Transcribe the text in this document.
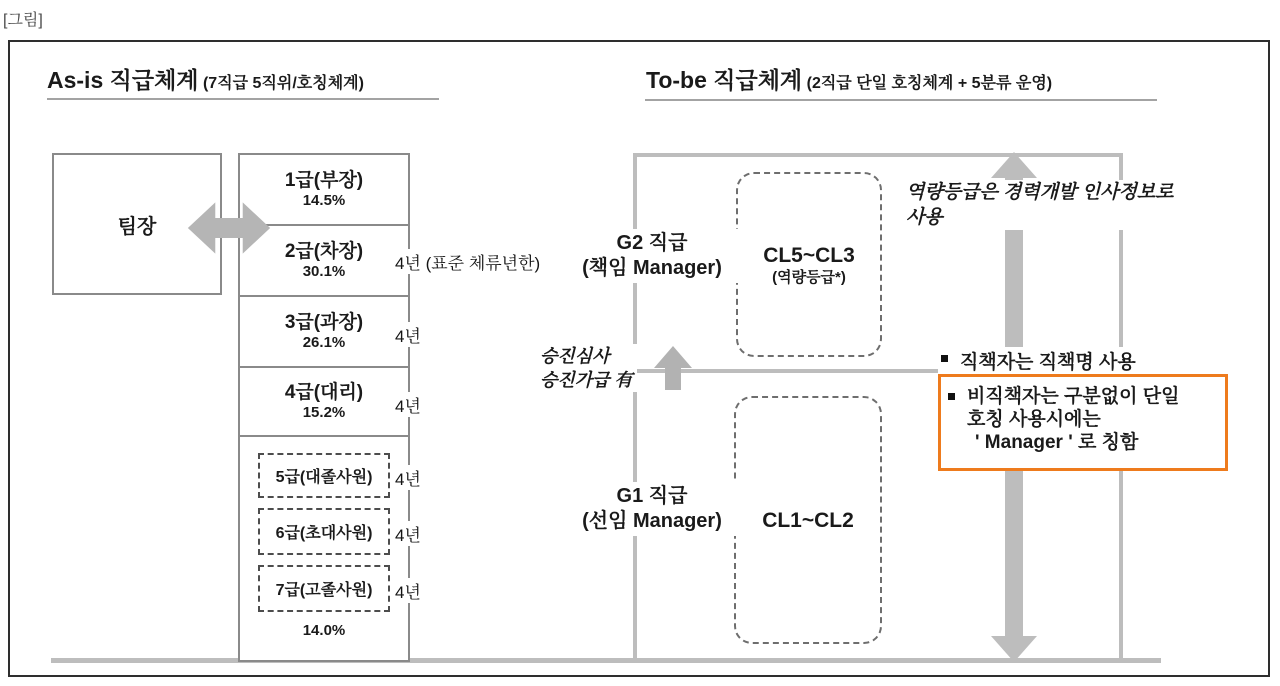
[그림]
As-is 직급체계 (7직급 5직위/호칭체계)	To-be 직급체계 (2직급 단일 호칭체계 + 5분류 운영)
팀장
1급(부장)
14.5%
2급(차장)
30.1%
3급(과장)
26.1%
4급(대리)
15.2%
5급(대졸사원)
6급(초대사원)
7급(고졸사원)
14.0%
4년 (표준 체류년한)
4년
4년
4년
4년
4년
CL5~CL3
(역량등급*)
CL1~CL2
G2 직급
(책임 Manager)
G1 직급
(선임 Manager)
승진심사
승진가급 有
역량등급은 경력개발 인사정보로
사용
직책자는 직책명 사용
비직책자는 구분없이 단일
호칭 사용시에는
' Manager ' 로 칭함
